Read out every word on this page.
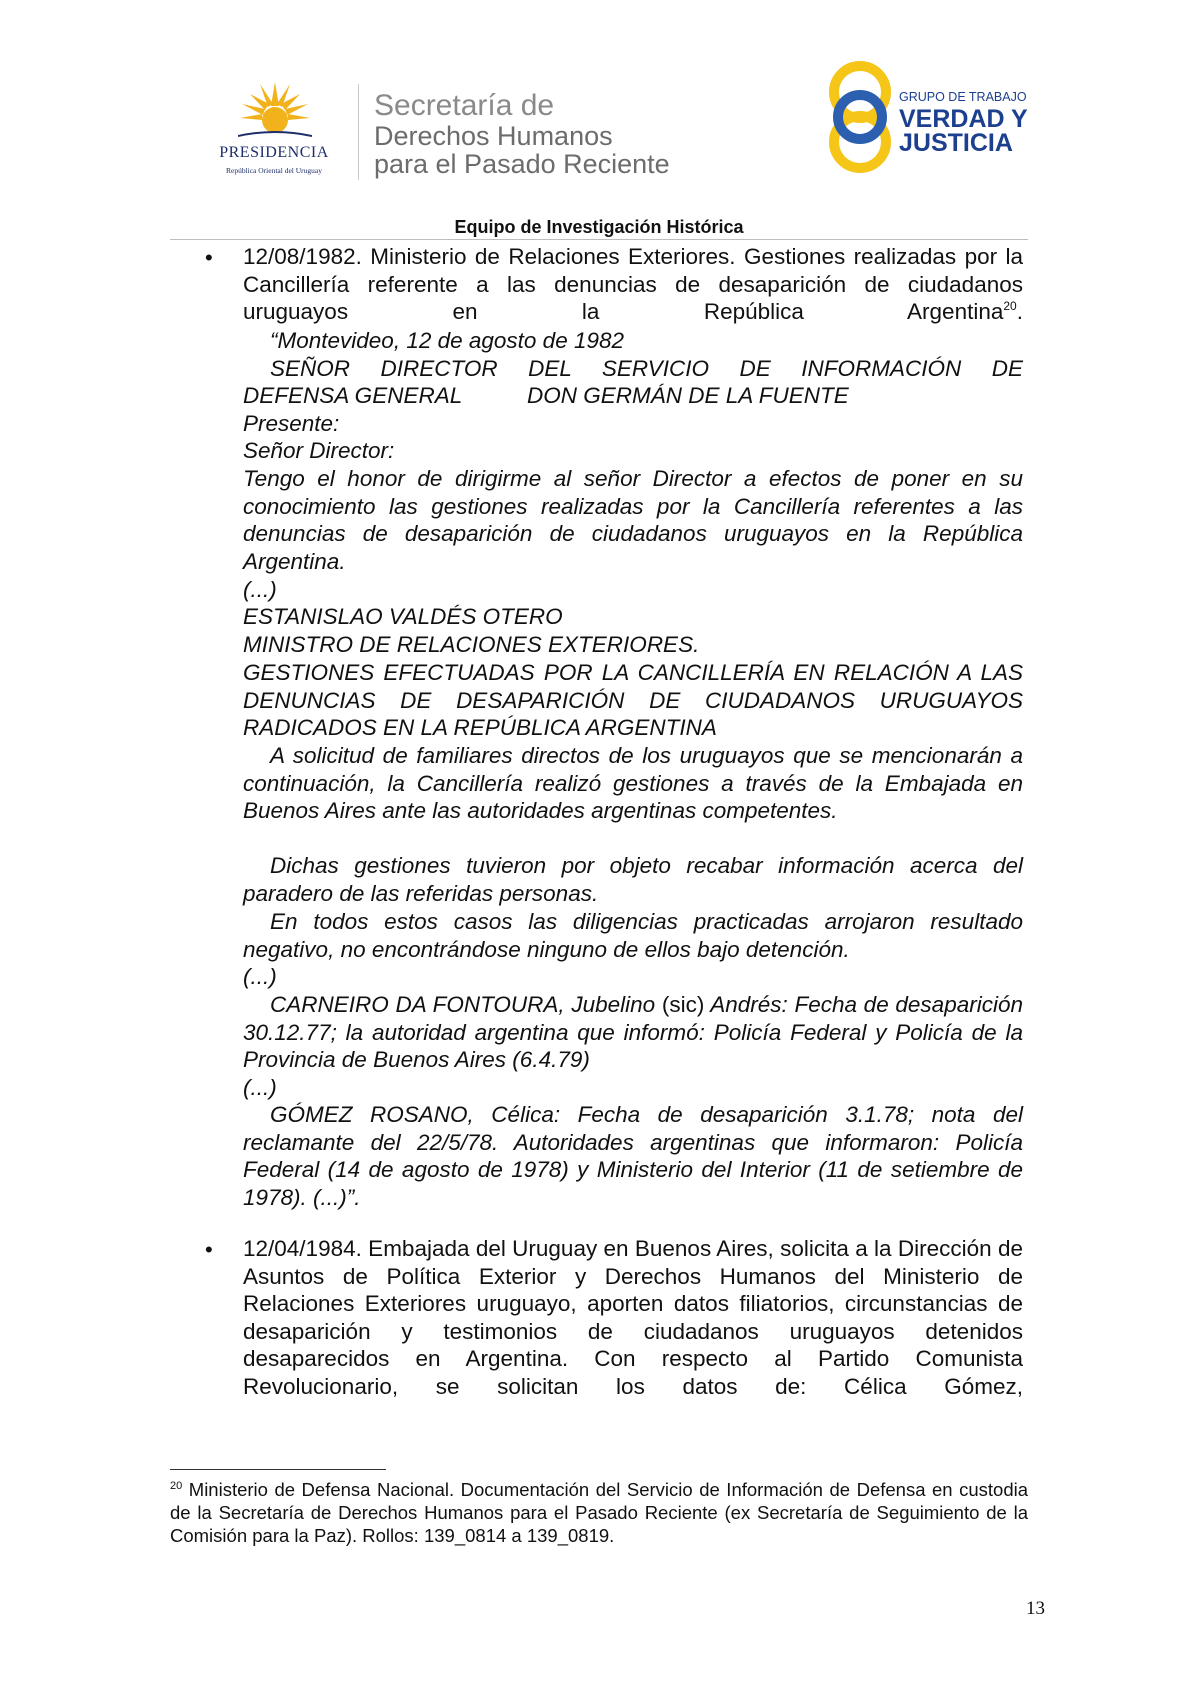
PRESIDENCIA
República Oriental del Uruguay
Secretaría de
Derechos Humanos
para el Pasado Reciente
GRUPO DE TRABAJO
VERDAD Y
JUSTICIA
Equipo de Investigación Histórica
• 12/08/1982. Ministerio de Relaciones Exteriores. Gestiones realizadas por la Cancillería referente a las denuncias de desaparición de ciudadanos uruguayos en la República Argentina$^{20}$.

“Montevideo, 12 de agosto de 1982

SEÑOR DIRECTOR DEL SERVICIO DE INFORMACIÓN DE

DEFENSA GENERAL	DON GERMÁN DE LA FUENTE

Presente:

Señor Director:

Tengo el honor de dirigirme al señor Director a efectos de poner en su conocimiento las gestiones realizadas por la Cancillería referentes a las denuncias de desaparición de ciudadanos uruguayos en la República Argentina.

(...)

ESTANISLAO VALDÉS OTERO

MINISTRO DE RELACIONES EXTERIORES.

GESTIONES EFECTUADAS POR LA CANCILLERÍA EN RELACIÓN A LAS DENUNCIAS DE DESAPARICIÓN DE CIUDADANOS URUGUAYOS RADICADOS EN LA REPÚBLICA ARGENTINA

A solicitud de familiares directos de los uruguayos que se mencionarán a continuación, la Cancillería realizó gestiones a través de la Embajada en Buenos Aires ante las autoridades argentinas competentes.

Dichas gestiones tuvieron por objeto recabar información acerca del paradero de las referidas personas.

En todos estos casos las diligencias practicadas arrojaron resultado negativo, no encontrándose ninguno de ellos bajo detención.

(...)

CARNEIRO DA FONTOURA, Jubelino (sic) Andrés: Fecha de desaparición 30.12.77; la autoridad argentina que informó: Policía Federal y Policía de la Provincia de Buenos Aires (6.4.79)

(...)

GÓMEZ ROSANO, Célica: Fecha de desaparición 3.1.78; nota del reclamante del 22/5/78. Autoridades argentinas que informaron: Policía Federal (14 de agosto de 1978) y Ministerio del Interior (11 de setiembre de 1978). (...)”.

• 12/04/1984. Embajada del Uruguay en Buenos Aires, solicita a la Dirección de Asuntos de Política Exterior y Derechos Humanos del Ministerio de Relaciones Exteriores uruguayo, aporten datos filiatorios, circunstancias de desaparición y testimonios de ciudadanos uruguayos detenidos desaparecidos en Argentina. Con respecto al Partido Comunista Revolucionario, se solicitan los datos de: Célica Gómez,

$^{20}$ Ministerio de Defensa Nacional. Documentación del Servicio de Información de Defensa en custodia de la Secretaría de Derechos Humanos para el Pasado Reciente (ex Secretaría de Seguimiento de la Comisión para la Paz). Rollos: 139_0814 a 139_0819.

13
